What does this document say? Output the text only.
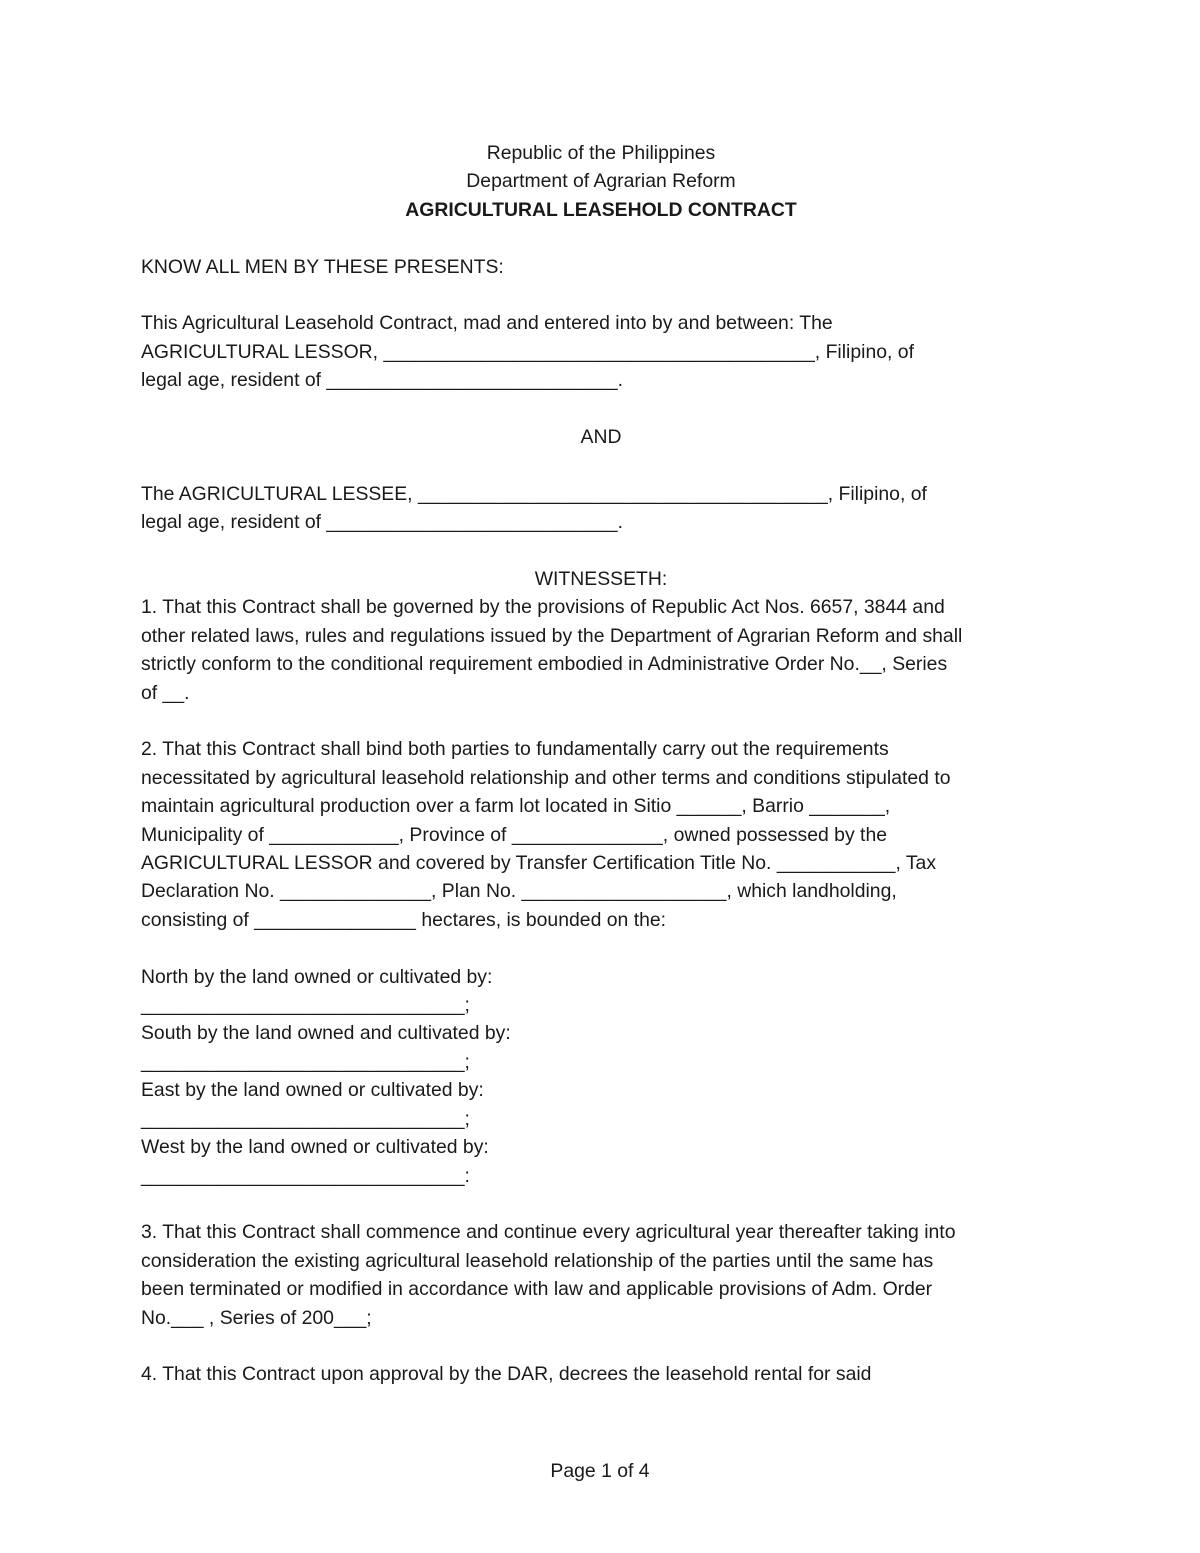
Republic of the Philippines

Department of Agrarian Reform

AGRICULTURAL LEASEHOLD CONTRACT

KNOW ALL MEN BY THESE PRESENTS:

This Agricultural Leasehold Contract, mad and entered into by and between: The

AGRICULTURAL LESSOR, ________________________________________, Filipino, of

legal age, resident of ___________________________.

AND

The AGRICULTURAL LESSEE, ______________________________________, Filipino, of

legal age, resident of ___________________________.

WITNESSETH:

1. That this Contract shall be governed by the provisions of Republic Act Nos. 6657, 3844 and

other related laws, rules and regulations issued by the Department of Agrarian Reform and shall

strictly conform to the conditional requirement embodied in Administrative Order No.__, Series

of __.

2. That this Contract shall bind both parties to fundamentally carry out the requirements

necessitated by agricultural leasehold relationship and other terms and conditions stipulated to

maintain agricultural production over a farm lot located in Sitio ______, Barrio _______,

Municipality of ____________, Province of ______________, owned possessed by the

AGRICULTURAL LESSOR and covered by Transfer Certification Title No. ___________, Tax

Declaration No. ______________, Plan No. ___________________, which landholding,

consisting of _______________ hectares, is bounded on the:

North by the land owned or cultivated by:

______________________________;

South by the land owned and cultivated by:

______________________________;

East by the land owned or cultivated by:

______________________________;

West by the land owned or cultivated by:

______________________________:

3. That this Contract shall commence and continue every agricultural year thereafter taking into

consideration the existing agricultural leasehold relationship of the parties until the same has

been terminated or modified in accordance with law and applicable provisions of Adm. Order

No.___ , Series of 200___;

4. That this Contract upon approval by the DAR, decrees the leasehold rental for said

Page 1 of 4
